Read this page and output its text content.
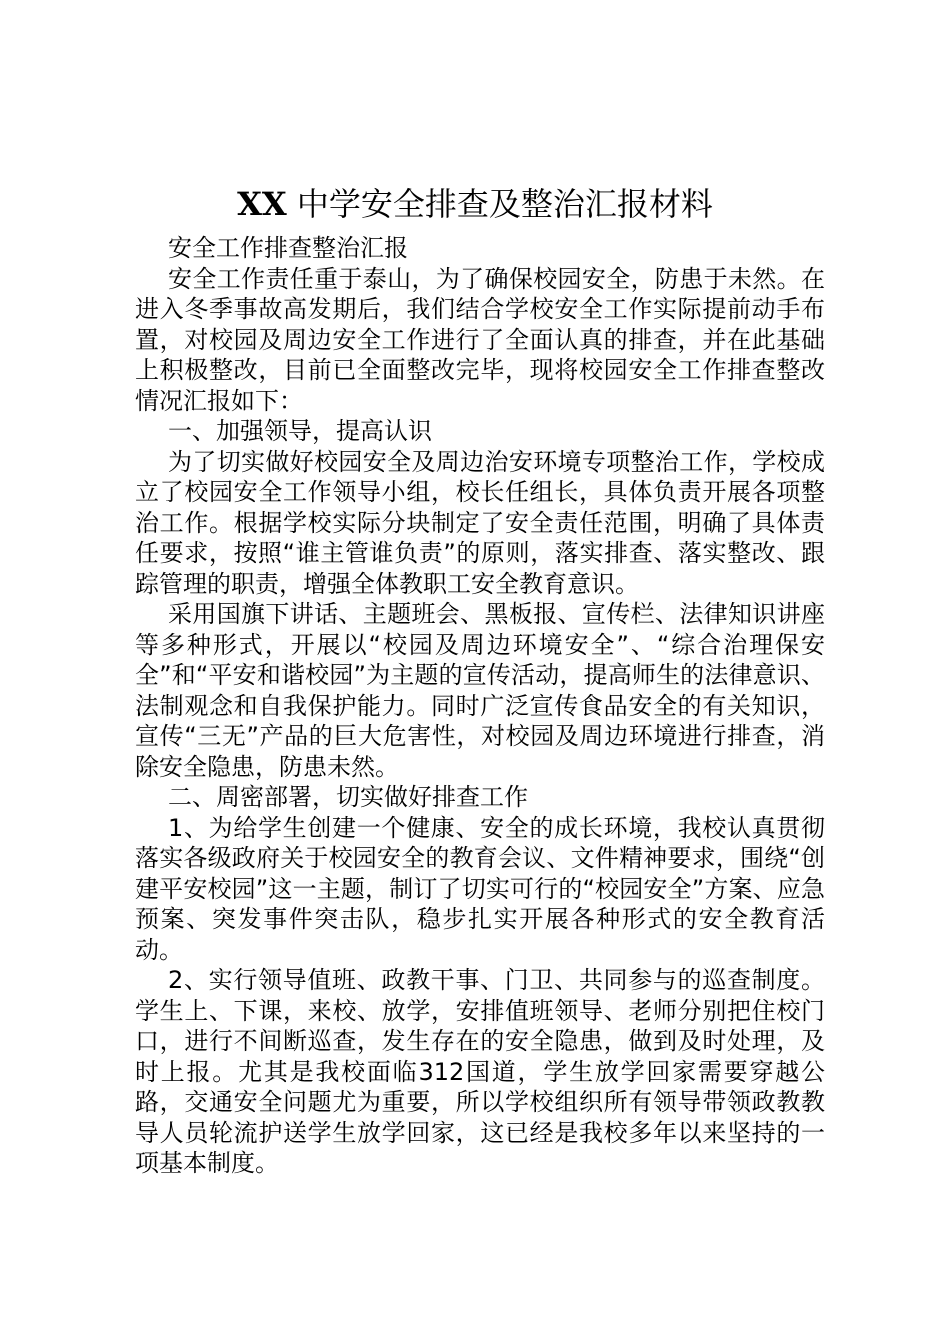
XX 中学安全排查及整治汇报材料

安全工作排查整治汇报

安全工作责任重于泰山，为了确保校园安全，防患于未然。在进入冬季事故高发期后，我们结合学校安全工作实际提前动手布置，对校园及周边安全工作进行了全面认真的排查，并在此基础上积极整改，目前已全面整改完毕，现将校园安全工作排查整改情况汇报如下：

一、加强领导，提高认识

为了切实做好校园安全及周边治安环境专项整治工作，学校成立了校园安全工作领导小组，校长任组长，具体负责开展各项整治工作。根据学校实际分块制定了安全责任范围，明确了具体责任要求，按照“谁主管谁负责”的原则，落实排查、落实整改、跟踪管理的职责，增强全体教职工安全教育意识。

采用国旗下讲话、主题班会、黑板报、宣传栏、法律知识讲座等多种形式，开展以“校园及周边环境安全”、“综合治理保安全”和“平安和谐校园”为主题的宣传活动，提高师生的法律意识、法制观念和自我保护能力。同时广泛宣传食品安全的有关知识，宣传“三无”产品的巨大危害性，对校园及周边环境进行排查，消除安全隐患，防患未然。

二、周密部署，切实做好排查工作

1、为给学生创建一个健康、安全的成长环境，我校认真贯彻落实各级政府关于校园安全的教育会议、文件精神要求，围绕“创建平安校园”这一主题，制订了切实可行的“校园安全”方案、应急预案、突发事件突击队，稳步扎实开展各种形式的安全教育活动。

2、实行领导值班、政教干事、门卫、共同参与的巡查制度。学生上、下课，来校、放学，安排值班领导、老师分别把住校门口，进行不间断巡查，发生存在的安全隐患，做到及时处理，及时上报。尤其是我校面临312国道，学生放学回家需要穿越公路，交通安全问题尤为重要，所以学校组织所有领导带领政教教导人员轮流护送学生放学回家，这已经是我校多年以来坚持的一项基本制度。
